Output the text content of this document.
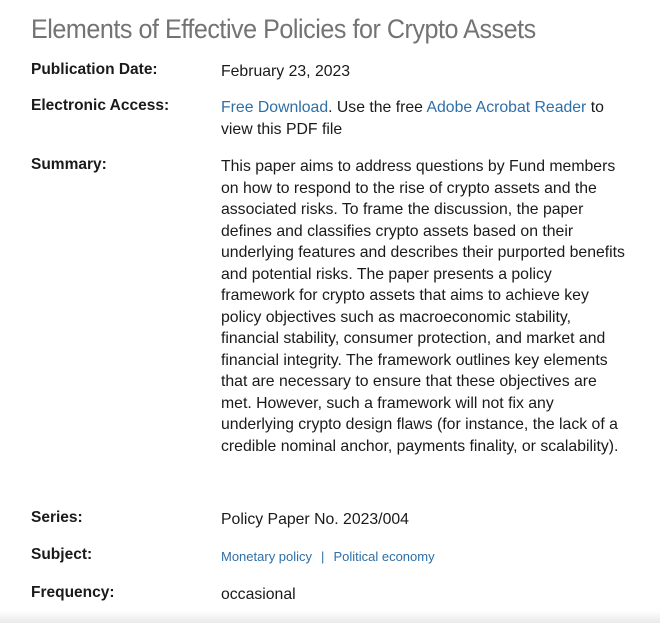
Elements of Effective Policies for Crypto Assets
Publication Date:	February 23, 2023
Electronic Access:	Free Download. Use the free Adobe Acrobat Reader to view this PDF file
Summary:	This paper aims to address questions by Fund members on how to respond to the rise of crypto assets and the associated risks. To frame the discussion, the paper defines and classifies crypto assets based on their underlying features and describes their purported benefits and potential risks. The paper presents a policy framework for crypto assets that aims to achieve key policy objectives such as macroeconomic stability, financial stability, consumer protection, and market and financial integrity. The framework outlines key elements that are necessary to ensure that these objectives are met. However, such a framework will not fix any underlying crypto design flaws (for instance, the lack of a credible nominal anchor, payments finality, or scalability).
Series:	Policy Paper No. 2023/004
Subject:	Monetary policy | Political economy
Frequency:	occasional
